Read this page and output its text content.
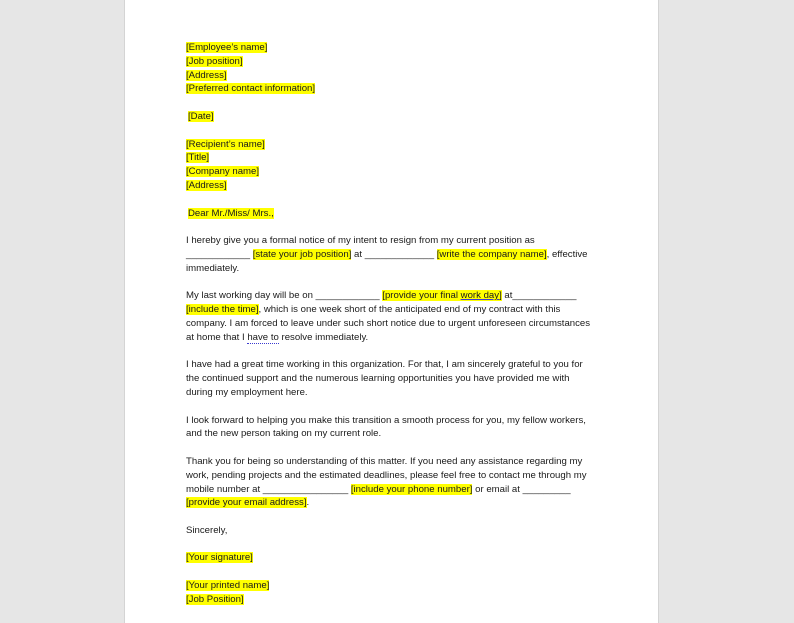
[Employee’s name]
[Job position]
[Address]
[Preferred contact information]
[Date]
[Recipient’s name]
[Title]
[Company name]
[Address]
Dear Mr./Miss/ Mrs.,

I hereby give you a formal notice of my intent to resign from my current position as
____________ [state your job position] at _____________ [write the company name], effective immediately.

My last working day will be on ____________ [provide your final work day] at____________
[include the time], which is one week short of the anticipated end of my contract with this company. I am forced to leave under such short notice due to urgent unforeseen circumstances at home that I have to resolve immediately.

I have had a great time working in this organization. For that, I am sincerely grateful to you for the continued support and the numerous learning opportunities you have provided me with during my employment here.

I look forward to helping you make this transition a smooth process for you, my fellow workers, and the new person taking on my current role.

Thank you for being so understanding of this matter. If you need any assistance regarding my work, pending projects and the estimated deadlines, please feel free to contact me through my mobile number at ________________ [include your phone number] or email at _________
[provide your email address].

Sincerely,
[Your signature]
[Your printed name]
[Job Position]
